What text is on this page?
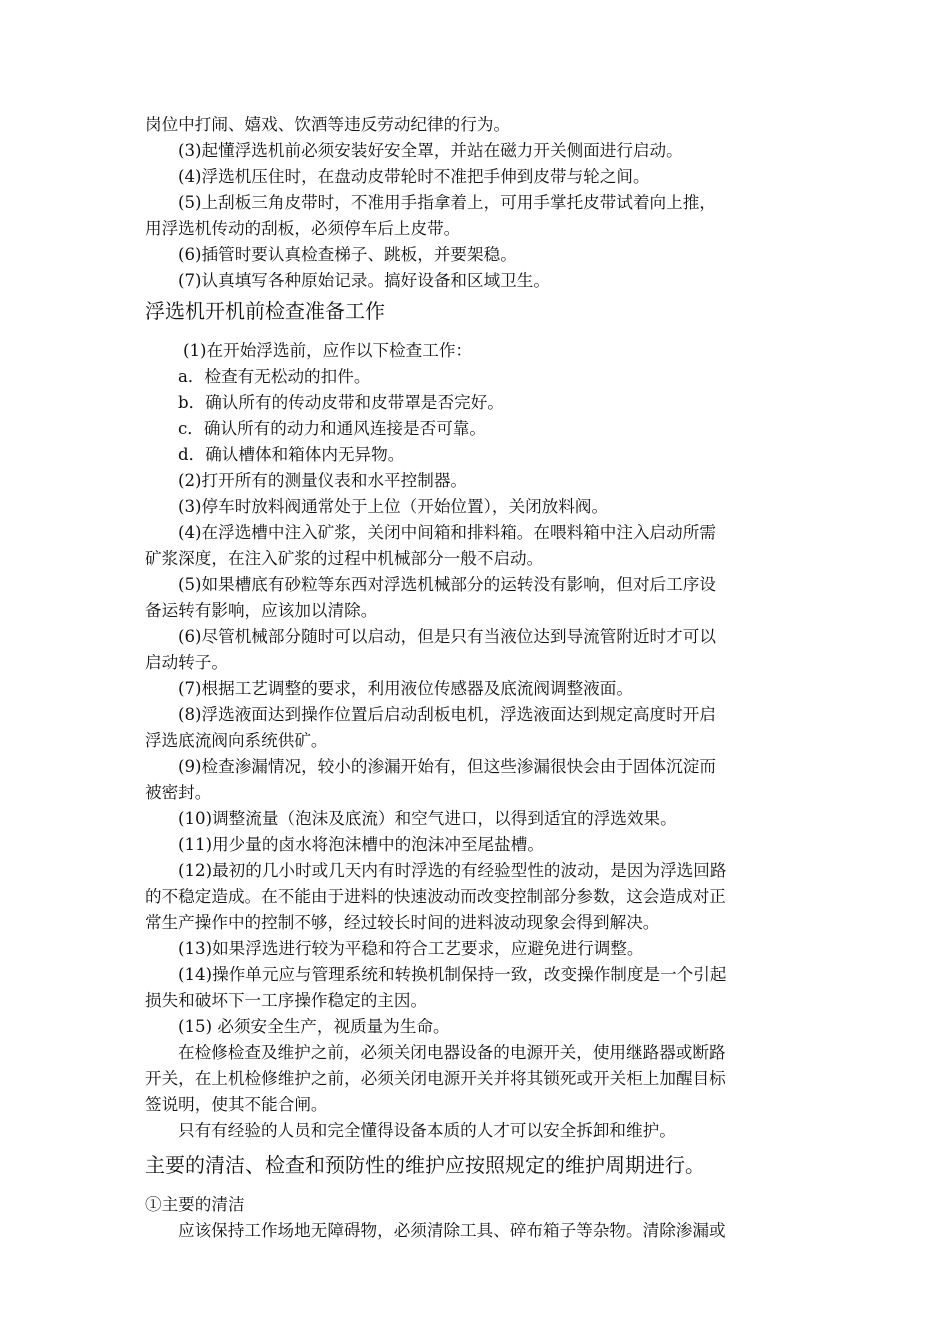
岗位中打闹、嬉戏、饮酒等违反劳动纪律的行为。
(3)起懂浮选机前必须安装好安全罩，并站在磁力开关侧面进行启动。
(4)浮选机压住时，在盘动皮带轮时不准把手伸到皮带与轮之间。
(5)上刮板三角皮带时，不准用手指拿着上，可用手掌托皮带试着向上推，
用浮选机传动的刮板，必须停车后上皮带。
(6)插管时要认真检查梯子、跳板，并要架稳。
(7)认真填写各种原始记录。搞好设备和区域卫生。
浮选机开机前检查准备工作
(1)在开始浮选前，应作以下检查工作：
a．检查有无松动的扣件。
b．确认所有的传动皮带和皮带罩是否完好。
c．确认所有的动力和通风连接是否可靠。
d．确认槽体和箱体内无异物。
(2)打开所有的测量仪表和水平控制器。
(3)停车时放料阀通常处于上位（开始位置），关闭放料阀。
(4)在浮选槽中注入矿浆，关闭中间箱和排料箱。在喂料箱中注入启动所需
矿浆深度，在注入矿浆的过程中机械部分一般不启动。
(5)如果槽底有砂粒等东西对浮选机械部分的运转没有影响，但对后工序设
备运转有影响，应该加以清除。
(6)尽管机械部分随时可以启动，但是只有当液位达到导流管附近时才可以
启动转子。
(7)根据工艺调整的要求，利用液位传感器及底流阀调整液面。
(8)浮选液面达到操作位置后启动刮板电机，浮选液面达到规定高度时开启
浮选底流阀向系统供矿。
(9)检查渗漏情况，较小的渗漏开始有，但这些渗漏很快会由于固体沉淀而
被密封。
(10)调整流量（泡沫及底流）和空气进口，以得到适宜的浮选效果。
(11)用少量的卤水将泡沫槽中的泡沫冲至尾盐槽。
(12)最初的几小时或几天内有时浮选的有经验型性的波动，是因为浮选回路
的不稳定造成。在不能由于进料的快速波动而改变控制部分参数，这会造成对正
常生产操作中的控制不够，经过较长时间的进料波动现象会得到解决。
(13)如果浮选进行较为平稳和符合工艺要求，应避免进行调整。
(14)操作单元应与管理系统和转换机制保持一致，改变操作制度是一个引起
损失和破坏下一工序操作稳定的主因。
(15) 必须安全生产，视质量为生命。
在检修检查及维护之前，必须关闭电器设备的电源开关，使用继路器或断路
开关，在上机检修维护之前，必须关闭电源开关并将其锁死或开关柜上加醒目标
签说明，使其不能合闸。
只有有经验的人员和完全懂得设备本质的人才可以安全拆卸和维护。
主要的清洁、检查和预防性的维护应按照规定的维护周期进行。
①主要的清洁
应该保持工作场地无障碍物，必须清除工具、碎布箱子等杂物。清除渗漏或
